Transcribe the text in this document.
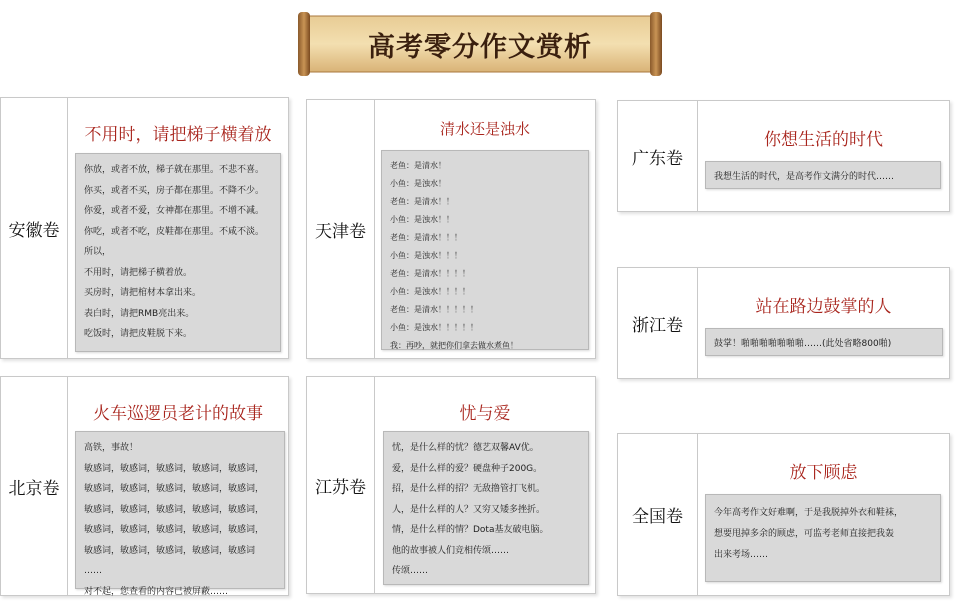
高考零分作文赏析
安徽卷
不用时，请把梯子横着放
你放，或者不放，梯子就在那里。不悲不喜。
你买，或者不买，房子都在那里。不降不少。
你爱，或者不爱，女神都在那里。不增不减。
你吃，或者不吃，皮鞋都在那里。不咸不淡。
所以，
不用时，请把梯子横着放。
买房时，请把棺材本拿出来。
表白时，请把RMB亮出来。
吃饭时，请把皮鞋脱下来。
天津卷
清水还是浊水
老鱼：是清水！
小鱼：是浊水！
老鱼：是清水！！
小鱼：是浊水！！
老鱼：是清水！！！
小鱼：是浊水！！！
老鱼：是清水！！！！
小鱼：是浊水！！！！
老鱼：是清水！！！！！
小鱼：是浊水！！！！！
我：再吵，就把你们拿去做水煮鱼！
广东卷
你想生活的时代
我想生活的时代，是高考作文满分的时代……
浙江卷
站在路边鼓掌的人
鼓掌！啪啪啪啪啪啪啪……(此处省略800啪)
北京卷
火车巡逻员老计的故事
高铁，事故！
敏感词，敏感词，敏感词，敏感词，敏感词，
敏感词，敏感词，敏感词，敏感词，敏感词，
敏感词，敏感词，敏感词，敏感词，敏感词，
敏感词，敏感词，敏感词，敏感词，敏感词，
敏感词，敏感词，敏感词，敏感词，敏感词
……
对不起，您查看的内容已被屏蔽……
江苏卷
忧与爱
忧，是什么样的忧？德艺双馨AV优。
爱，是什么样的爱？硬盘种子200G。
招，是什么样的招？无敌撸管打飞机。
人，是什么样的人？又穷又矮多挫折。
情，是什么样的情？Dota基友破电脑。
他的故事被人们竞相传颂……
传颂……
全国卷
放下顾虑
今年高考作文好难啊，于是我脱掉外衣和鞋袜，
想要甩掉多余的顾虑，可监考老师直接把我轰
出来考场……
